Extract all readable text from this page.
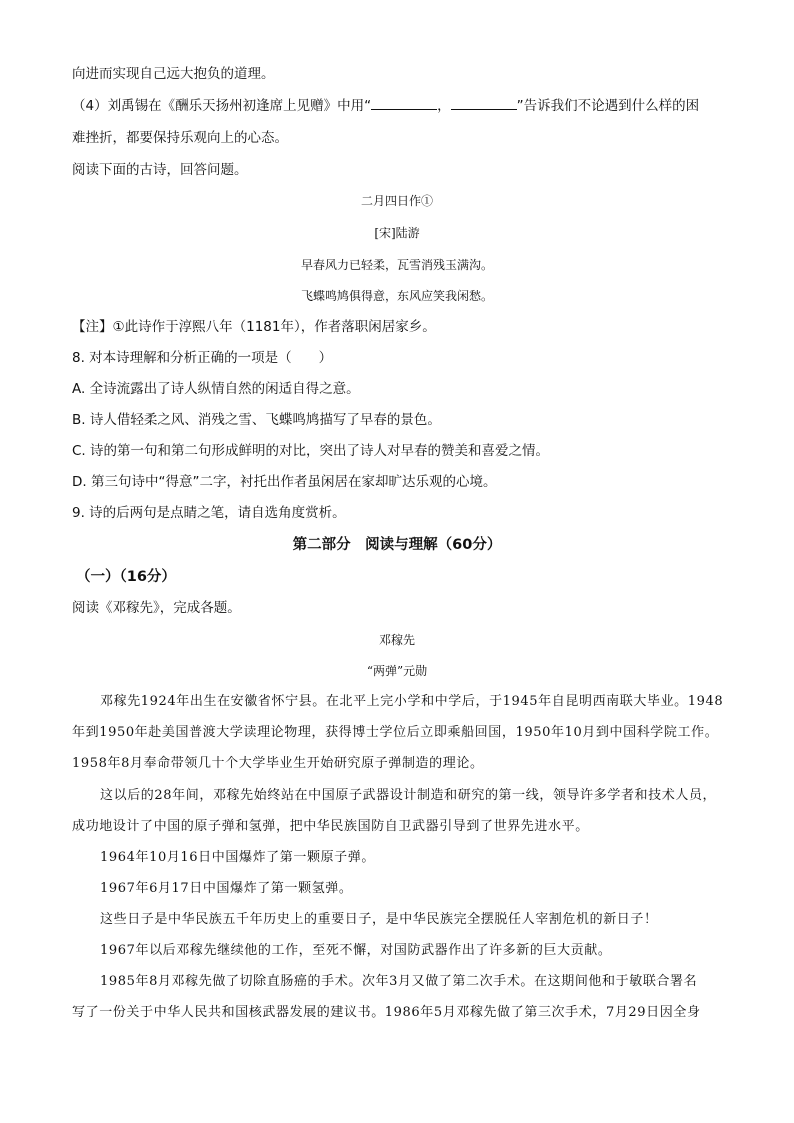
向进而实现自己远大抱负的道理。
（4）刘禹锡在《酬乐天扬州初逢席上见赠》中用“	，	”告诉我们不论遇到什么样的困
难挫折，都要保持乐观向上的心态。
阅读下面的古诗，回答问题。
二月四日作①
[宋]陆游
早春风力已轻柔，瓦雪消残玉满沟。
飞蝶鸣鸠俱得意，东风应笑我闲愁。
【注】①此诗作于淳熙八年（1181年），作者落职闲居家乡。
8. 对本诗理解和分析正确的一项是（　　）
A. 全诗流露出了诗人纵情自然的闲适自得之意。
B. 诗人借轻柔之风、消残之雪、飞蝶鸣鸠描写了早春的景色。
C. 诗的第一句和第二句形成鲜明的对比，突出了诗人对早春的赞美和喜爱之情。
D. 第三句诗中“得意”二字，衬托出作者虽闲居在家却旷达乐观的心境。
9. 诗的后两句是点睛之笔，请自选角度赏析。
第二部分　阅读与理解（60分）
（一）（16分）
阅读《邓稼先》，完成各题。
邓稼先
“两弹”元勋
邓稼先1924年出生在安徽省怀宁县。在北平上完小学和中学后，于1945年自昆明西南联大毕业。1948
年到1950年赴美国普渡大学读理论物理，获得博士学位后立即乘船回国，1950年10月到中国科学院工作。
1958年8月奉命带领几十个大学毕业生开始研究原子弹制造的理论。
这以后的28年间，邓稼先始终站在中国原子武器设计制造和研究的第一线，领导许多学者和技术人员，
成功地设计了中国的原子弹和氢弹，把中华民族国防自卫武器引导到了世界先进水平。
1964年10月16日中国爆炸了第一颗原子弹。
1967年6月17日中国爆炸了第一颗氢弹。
这些日子是中华民族五千年历史上的重要日子，是中华民族完全摆脱任人宰割危机的新日子！
1967年以后邓稼先继续他的工作，至死不懈，对国防武器作出了许多新的巨大贡献。
1985年8月邓稼先做了切除直肠癌的手术。次年3月又做了第二次手术。在这期间他和于敏联合署名
写了一份关于中华人民共和国核武器发展的建议书。1986年5月邓稼先做了第三次手术，7月29日因全身
